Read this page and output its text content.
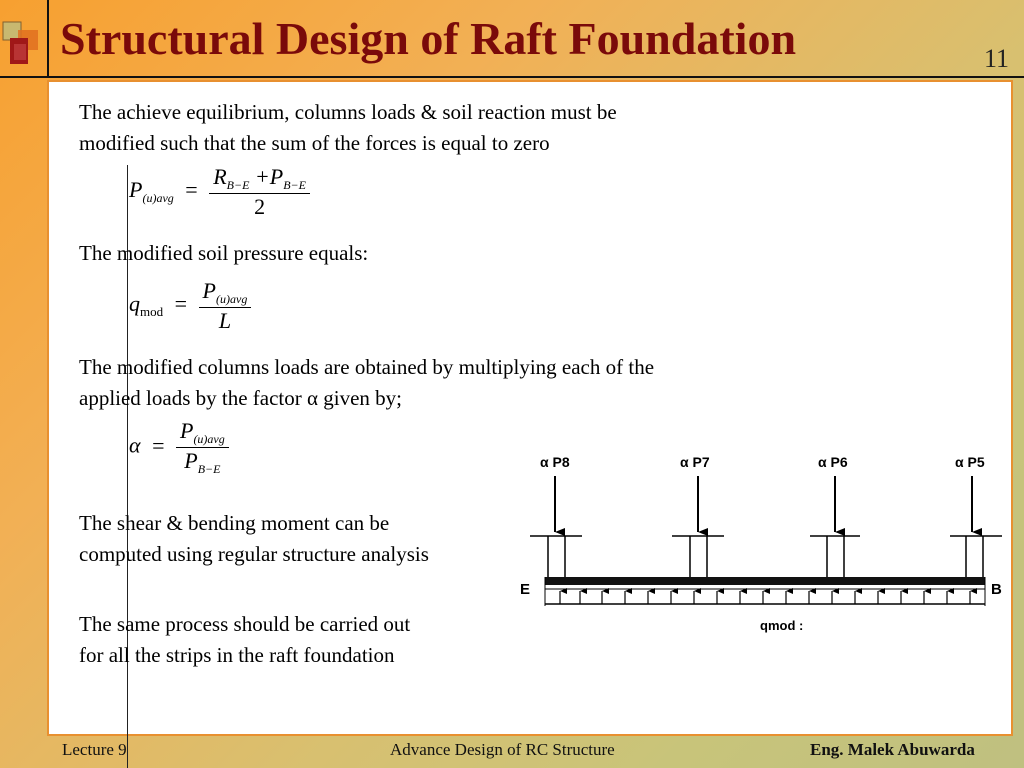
Structural Design of Raft Foundation	11
The achieve equilibrium, columns loads & soil reaction must be
modified such that the sum of the forces is equal to zero
The modified soil pressure equals:
The modified columns loads are obtained by multiplying each of the
applied loads by the factor α given by;
The shear & bending moment can be
computed using regular structure analysis
The same process should be carried out
for all the strips in the raft foundation
$P_{(u)avg} = \frac{R_{B-E} +P_{B-E}}{2}$
$q_{mod} = \frac{P_{(u)avg}}{L}$
$\alpha = \frac{P_{(u)avg}}{P_{B-E}}$	α P8	α P7	α P6	α P5
E	B
qmod :
Lecture 9	Advance Design of RC Structure	Eng. Malek Abuwarda
